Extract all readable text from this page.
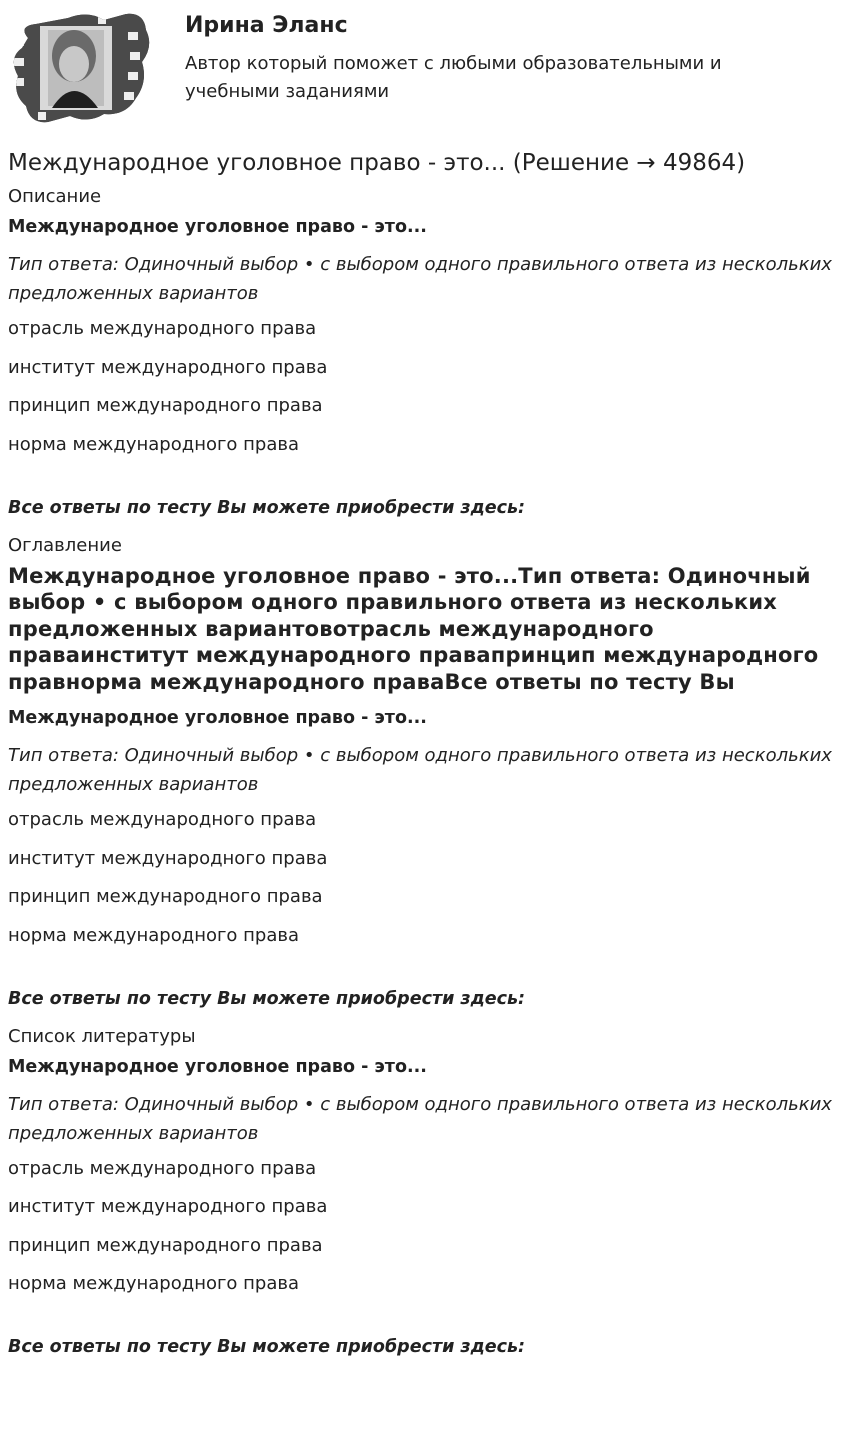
Ирина Эланс
Автор который поможет с любыми образовательными и учебными заданиями
Международное уголовное право - это... (Решение → 49864)
Описание
Международное уголовное право - это...
Тип ответа: Одиночный выбор • с выбором одного правильного ответа из нескольких предложенных вариантов
отрасль международного права
институт международного права
принцип международного права
норма международного права
Все ответы по тесту Вы можете приобрести здесь:
Оглавление
Международное уголовное право - это...Тип ответа: Одиночный выбор • с выбором одного правильного ответа из нескольких предложенных вариантовотрасль международного праваинститут международного правапринцип международного правнорма международного праваВсе ответы по тесту Вы
Международное уголовное право - это...
Тип ответа: Одиночный выбор • с выбором одного правильного ответа из нескольких предложенных вариантов
отрасль международного права
институт международного права
принцип международного права
норма международного права
Все ответы по тесту Вы можете приобрести здесь:
Список литературы
Международное уголовное право - это...
Тип ответа: Одиночный выбор • с выбором одного правильного ответа из нескольких предложенных вариантов
отрасль международного права
институт международного права
принцип международного права
норма международного права
Все ответы по тесту Вы можете приобрести здесь:
